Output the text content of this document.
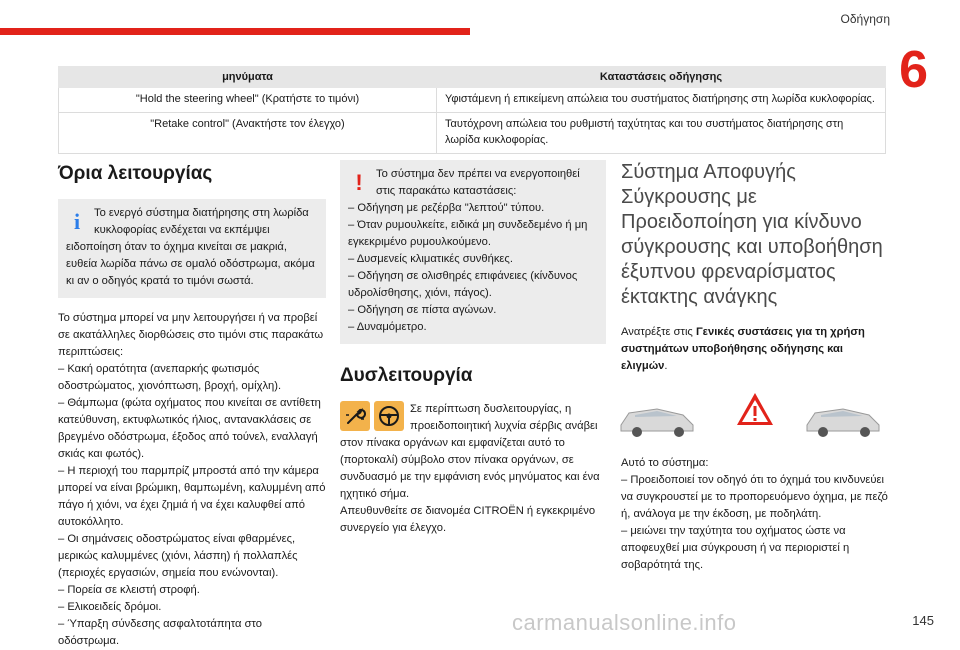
Οδήγηση
6
μηνύματα	Καταστάσεις οδήγησης
"Hold the steering wheel" (Κρατήστε το τιμόνι)	Υφιστάμενη ή επικείμενη απώλεια του συστήματος διατήρησης στη λωρίδα κυκλοφορίας.
"Retake control" (Ανακτήστε τον έλεγχο)	Ταυτόχρονη απώλεια του ρυθμιστή ταχύτητας και του συστήματος διατήρησης στη λωρίδα κυκλοφορίας.
Όρια λειτουργίας
i	Το ενεργό σύστημα διατήρησης στη λωρίδα κυκλοφορίας ενδέχεται να εκπέμψει ειδοποίηση όταν το όχημα κινείται σε μακριά, ευθεία λωρίδα πάνω σε ομαλό οδόστρωμα, ακόμα κι αν ο οδηγός κρατά το τιμόνι σωστά.

Το σύστημα μπορεί να μην λειτουργήσει ή να προβεί σε ακατάλληλες διορθώσεις στο τιμόνι στις παρακάτω περιπτώσεις:

– Κακή ορατότητα (ανεπαρκής φωτισμός οδοστρώματος, χιονόπτωση, βροχή, ομίχλη).
– Θάμπωμα (φώτα οχήματος που κινείται σε αντίθετη κατεύθυνση, εκτυφλωτικός ήλιος, αντανακλάσεις σε βρεγμένο οδόστρωμα, έξοδος από τούνελ, εναλλαγή σκιάς και φωτός).
– Η περιοχή του παρμπρίζ μπροστά από την κάμερα μπορεί να είναι βρώμικη, θαμπωμένη, καλυμμένη από πάγο ή χιόνι, να έχει ζημιά ή να έχει καλυφθεί από αυτοκόλλητο.
– Οι σημάνσεις οδοστρώματος είναι φθαρμένες, μερικώς καλυμμένες (χιόνι, λάσπη) ή πολλαπλές (περιοχές εργασιών, σημεία που ενώνονται).
– Πορεία σε κλειστή στροφή.
– Ελικοειδείς δρόμοι.
– Ύπαρξη σύνδεσης ασφαλτοτάπητα στο οδόστρωμα.
!	Το σύστημα δεν πρέπει να ενεργοποιηθεί στις παρακάτω καταστάσεις:
– Οδήγηση με ρεζέρβα "λεπτού" τύπου.
– Όταν ρυμουλκείτε, ειδικά μη συνδεδεμένο ή μη εγκεκριμένο ρυμουλκούμενο.
– Δυσμενείς κλιματικές συνθήκες.
– Οδήγηση σε ολισθηρές επιφάνειες (κίνδυνος υδρολίσθησης, χιόνι, πάγος).
– Οδήγηση σε πίστα αγώνων.
– Δυναμόμετρο.
Δυσλειτουργία

Σε περίπτωση δυσλειτουργίας, η προειδοποιητική λυχνία σέρβις ανάβει στον πίνακα οργάνων και εμφανίζεται αυτό το (πορτοκαλί) σύμβολο στον πίνακα οργάνων, σε συνδυασμό με την εμφάνιση ενός μηνύματος και ένα ηχητικό σήμα.

Απευθυνθείτε σε διανομέα CITROËN ή εγκεκριμένο συνεργείο για έλεγχο.

Σύστημα Αποφυγής Σύγκρουσης με Προειδοποίηση για κίνδυνο σύγκρουσης και υποβοήθηση έξυπνου φρεναρίσματος έκτακτης ανάγκης

Ανατρέξτε στις Γενικές συστάσεις για τη χρήση συστημάτων υποβοήθησης οδήγησης και ελιγμών.

Αυτό το σύστημα:

– Προειδοποιεί τον οδηγό ότι το όχημά του κινδυνεύει να συγκρουστεί με το προπορευόμενο όχημα, με πεζό ή, ανάλογα με την έκδοση, με ποδηλάτη.
– μειώνει την ταχύτητα του οχήματος ώστε να αποφευχθεί μια σύγκρουση ή να περιοριστεί η σοβαρότητά της.
carmanualsonline.info	145
